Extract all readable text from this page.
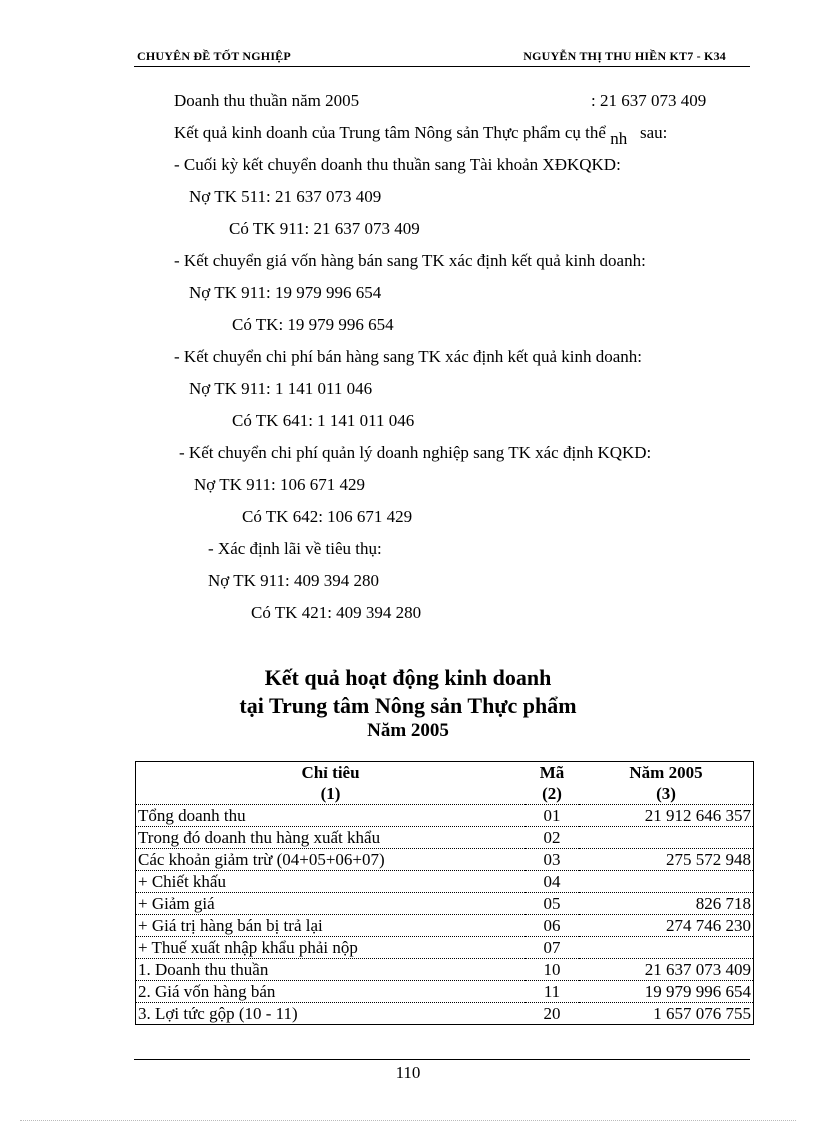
CHUYÊN ĐỀ TỐT NGHIỆP	NGUYỄN THỊ THU HIỀN KT7 - K34
Doanh thu thuần năm 2005	: 21 637 073 409
Kết quả kinh doanh của Trung tâm Nông sản Thực phẩm cụ thể nh sau:
- Cuối kỳ kết chuyển doanh thu thuần sang Tài khoản XĐKQKD:
Nợ TK 511: 21 637 073 409
Có TK 911: 21 637 073 409
- Kết chuyển giá vốn hàng bán sang TK xác định kết quả kinh doanh:
Nợ TK 911: 19 979 996 654
Có TK: 19 979 996 654
- Kết chuyển chi phí bán hàng sang TK xác định kết quả kinh doanh:
Nợ TK 911: 1 141 011 046
Có TK 641: 1 141 011 046
- Kết chuyển chi phí quản lý doanh nghiệp sang TK xác định KQKD:
Nợ TK 911: 106 671 429
Có TK 642: 106 671 429
- Xác định lãi về tiêu thụ:
Nợ TK 911: 409 394 280
Có TK 421: 409 394 280
Kết quả hoạt động kinh doanh
tại Trung tâm Nông sản Thực phẩm
Năm 2005
Chỉ tiêu	Mã	Năm 2005
(1)	(2)	(3)
Tổng doanh thu	01	21 912 646 357
Trong đó doanh thu hàng xuất khẩu	02	
Các khoản giảm trừ (04+05+06+07)	03	275 572 948
+ Chiết khấu	04	
+ Giảm giá	05	826 718
+ Giá trị hàng bán bị trả lại	06	274 746 230
+ Thuế xuất nhập khẩu phải nộp	07	
1. Doanh thu thuần	10	21 637 073 409
2. Giá vốn hàng bán	11	19 979 996 654
3. Lợi tức gộp (10 - 11)	20	1 657 076 755
110
